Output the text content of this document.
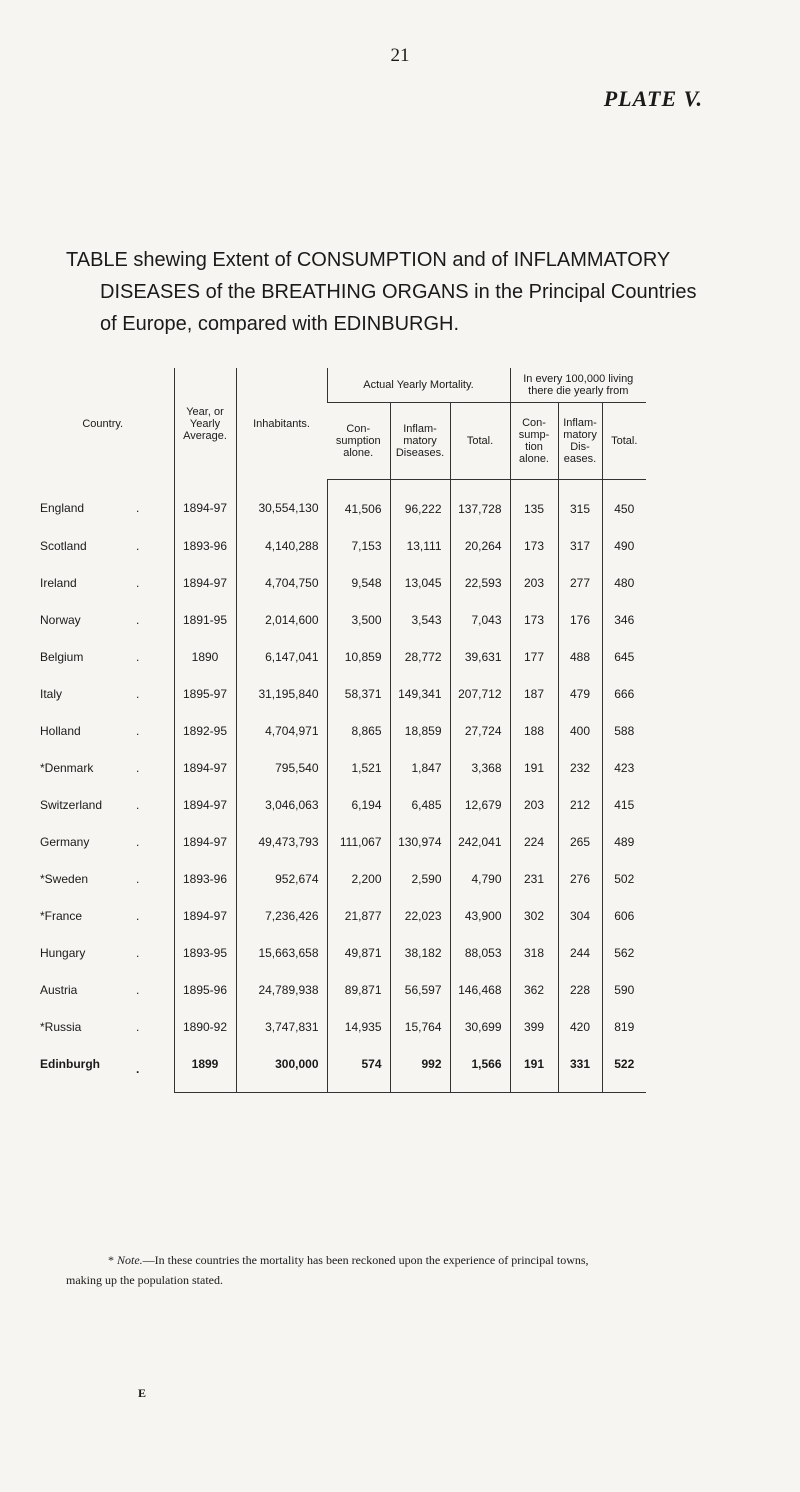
21
PLATE V.
TABLE shewing Extent of CONSUMPTION and of INFLAMMATORY
DISEASES of the BREATHING ORGANS in the Principal Countries
of Europe, compared with EDINBURGH.
Country.	Year, or Yearly Average.	Inhabitants.	Actual Yearly Mortality.			In every 100,000 living there die yearly from			
			Con- sumption alone.	Inflam- matory Diseases.	Total.	Con- sump- tion alone.	Inflam- matory Dis- eases.	Total.	
England .	1894-97	30,554,130	41,506	96,222	137,728	135	315	450	
Scotland .	1893-96	4,140,288	7,153	13,111	20,264	173	317	490	
Ireland .	1894-97	4,704,750	9,548	13,045	22,593	203	277	480	
Norway .	1891-95	2,014,600	3,500	3,543	7,043	173	176	346	
Belgium .	1890	6,147,041	10,859	28,772	39,631	177	488	645	
Italy .	1895-97	31,195,840	58,371	149,341	207,712	187	479	666	
Holland .	1892-95	4,704,971	8,865	18,859	27,724	188	400	588	
*Denmark .	1894-97	795,540	1,521	1,847	3,368	191	232	423	
Switzerland .	1894-97	3,046,063	6,194	6,485	12,679	203	212	415	
Germany .	1894-97	49,473,793	111,067	130,974	242,041	224	265	489	
*Sweden .	1893-96	952,674	2,200	2,590	4,790	231	276	502	
*France .	1894-97	7,236,426	21,877	22,023	43,900	302	304	606	
Hungary .	1893-95	15,663,658	49,871	38,182	88,053	318	244	562	
Austria .	1895-96	24,789,938	89,871	56,597	146,468	362	228	590	
*Russia .	1890-92	3,747,831	14,935	15,764	30,699	399	420	819	
Edinburgh .	1899	300,000	574	992	1,566	191	331	522	
* Note.—In these countries the mortality has been reckoned upon the experience of principal towns,
making up the population stated.
E
